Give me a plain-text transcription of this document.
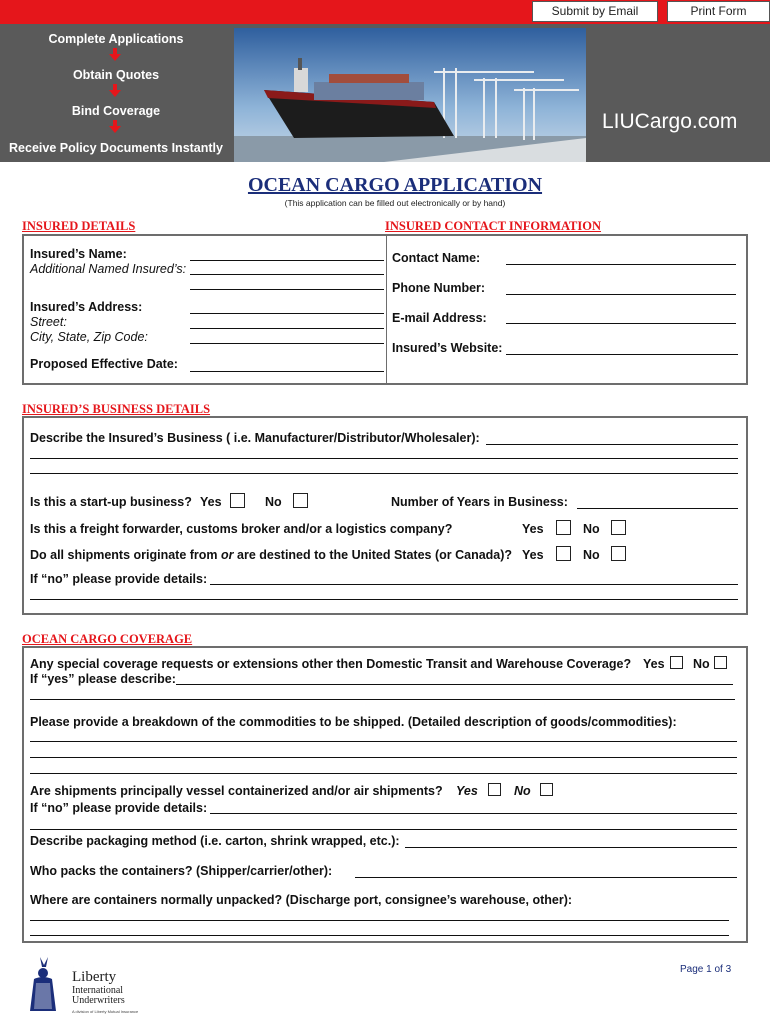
Submit by Email	Print Form
Complete Applications
Obtain Quotes
Bind Coverage
Receive Policy Documents Instantly
LIUCargo.com
OCEAN CARGO APPLICATION
(This application can be filled out electronically or by hand)
INSURED DETAILS	INSURED CONTACT INFORMATION
Insured’s Name:
Additional Named Insured’s:
Insured’s Address:
Street:
City, State, Zip Code:
Proposed Effective Date:
Contact Name:
Phone Number:
E-mail Address:
Insured’s Website:
INSURED’S BUSINESS DETAILS
Describe the Insured’s Business ( i.e. Manufacturer/Distributor/Wholesaler):
Is this a start-up business? Yes	No	Number of Years in Business:
Is this a freight forwarder, customs broker and/or a logistics company?	Yes	No
Do all shipments originate from or are destined to the United States (or Canada)? Yes	No
If “no” please provide details:
OCEAN CARGO COVERAGE
Any special coverage requests or extensions other then Domestic Transit and Warehouse Coverage? Yes No
If “yes” please describe:
Please provide a breakdown of the commodities to be shipped. (Detailed description of goods/commodities):
Are shipments principally vessel containerized and/or air shipments? Yes	No
If “no” please provide details:
Describe packaging method (i.e. carton, shrink wrapped, etc.):
Who packs the containers? (Shipper/carrier/other):
Where are containers normally unpacked? (Discharge port, consignee’s warehouse, other):
Liberty
International
Underwriters
A division of Liberty Mutual Insurance
Page 1 of 3
